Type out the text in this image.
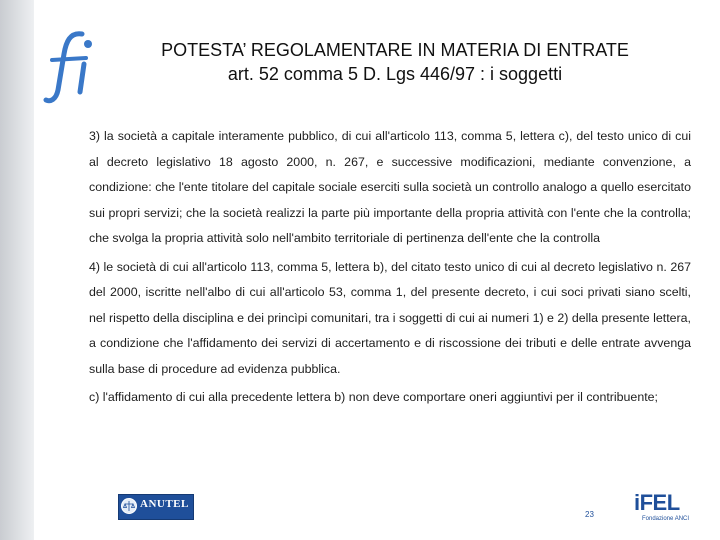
POTESTA’ REGOLAMENTARE IN MATERIA DI ENTRATE
art. 52 comma 5 D. Lgs 446/97 : i soggetti

3) la società a capitale interamente pubblico, di cui all'articolo 113, comma 5, lettera c), del testo unico di cui al decreto legislativo 18 agosto 2000, n. 267, e successive modificazioni, mediante convenzione, a condizione: che l'ente titolare del capitale sociale eserciti sulla società un controllo analogo a quello esercitato sui propri servizi; che la società realizzi la parte più importante della propria attività con l'ente che la controlla; che svolga la propria attività solo nell'ambito territoriale di pertinenza dell'ente che la controlla

4) le società di cui all'articolo 113, comma 5, lettera b), del citato testo unico di cui al decreto legislativo n. 267 del 2000, iscritte nell'albo di cui all'articolo 53, comma 1, del presente decreto, i cui soci privati siano scelti, nel rispetto della disciplina e dei princìpi comunitari, tra i soggetti di cui ai numeri 1) e 2) della presente lettera, a condizione che l'affidamento dei servizi di accertamento e di riscossione dei tributi e delle entrate avvenga sulla base di procedure ad evidenza pubblica.

c) l'affidamento di cui alla precedente lettera b) non deve comportare oneri aggiuntivi per il contribuente;

ANUTEL
23 iFEL
Fondazione ANCI
